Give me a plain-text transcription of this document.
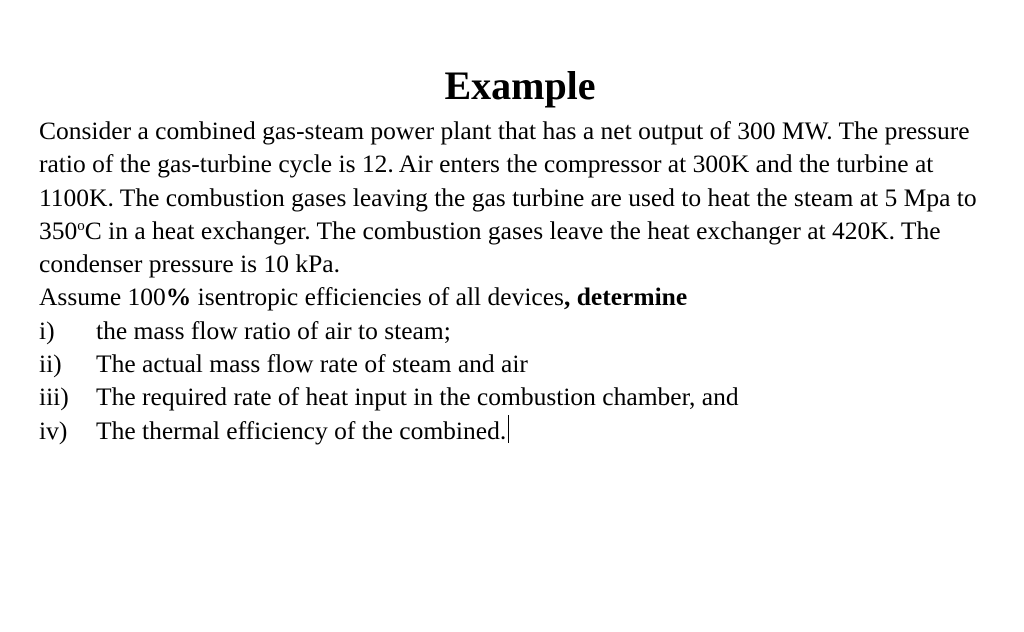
Example

Consider a combined gas-steam power plant that has a net output of 300 MW. The pressure ratio of the gas-turbine cycle is 12. Air enters the compressor at 300K and the turbine at 1100K. The combustion gases leaving the gas turbine are used to heat the steam at 5 Mpa to 350$^o$C in a heat exchanger. The combustion gases leave the heat exchanger at 420K. The condenser pressure is 10 kPa.

Assume 100% isentropic efficiencies of all devices, determine

i)	the mass flow ratio of air to steam;
ii)	The actual mass flow rate of steam and air
iii)	The required rate of heat input in the combustion chamber, and
iv)	The thermal efficiency of the combined.
